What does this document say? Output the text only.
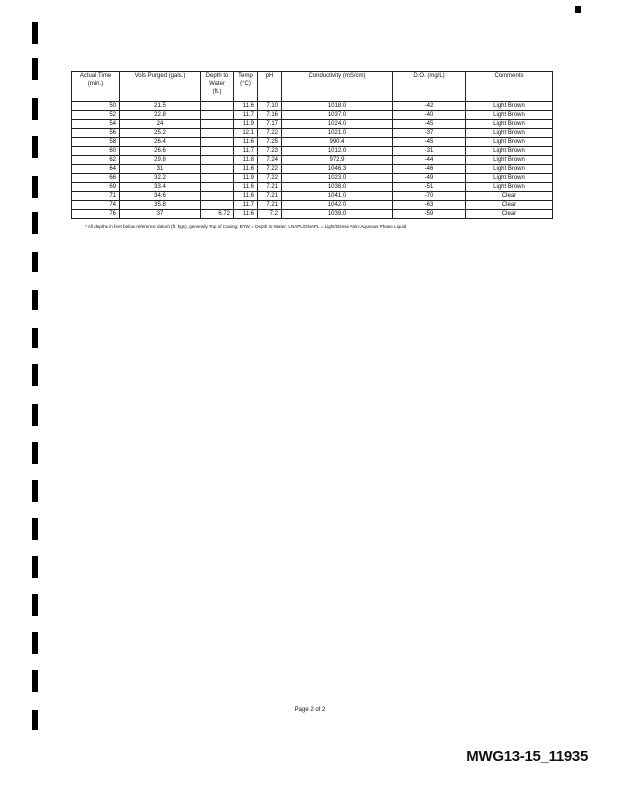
Actual Time (min.)	Vols Purged (gals.)	Depth to Water (ft.)	Temp (°C)	pH	Conductivity (mS/cm)	D.O. (mg/L)	Comments
50	21.5		11.6	7.10	1018.0	-42	Light Brown
52	22.8		11.7	7.16	1037.0	-40	Light Brown
54	24		11.9	7.17	1024.0	-45	Light Brown
56	25.2		12.1	7.22	1021.0	-37	Light Brown
58	26.4		11.6	7.25	990.4	-45	Light Brown
60	26.6		11.7	7.23	1012.0	-31	Light Brown
62	29.8		11.8	7.24	972.9	-44	Light Brown
64	31		11.6	7.22	1046.3	-46	Light Brown
66	32.2		11.9	7.22	1023.0	-49	Light Brown
69	33.4		11.6	7.21	1038.0	-51	Light Brown
71	34.6		11.6	7.21	1041.0	-70	Clear
74	35.8		11.7	7.21	1042.0	-63	Clear
76	37	6.72	11.6	7.2	1039.0	-59	Clear
* All depths in feet below reference datum (ft. bgs), generally Top of Casing; BTW = Depth to Water; LNAPL/DNAPL = Light/Dense Non-Aqueous Phase Liquid
Page 2 of 2
MWG13-15_11935
